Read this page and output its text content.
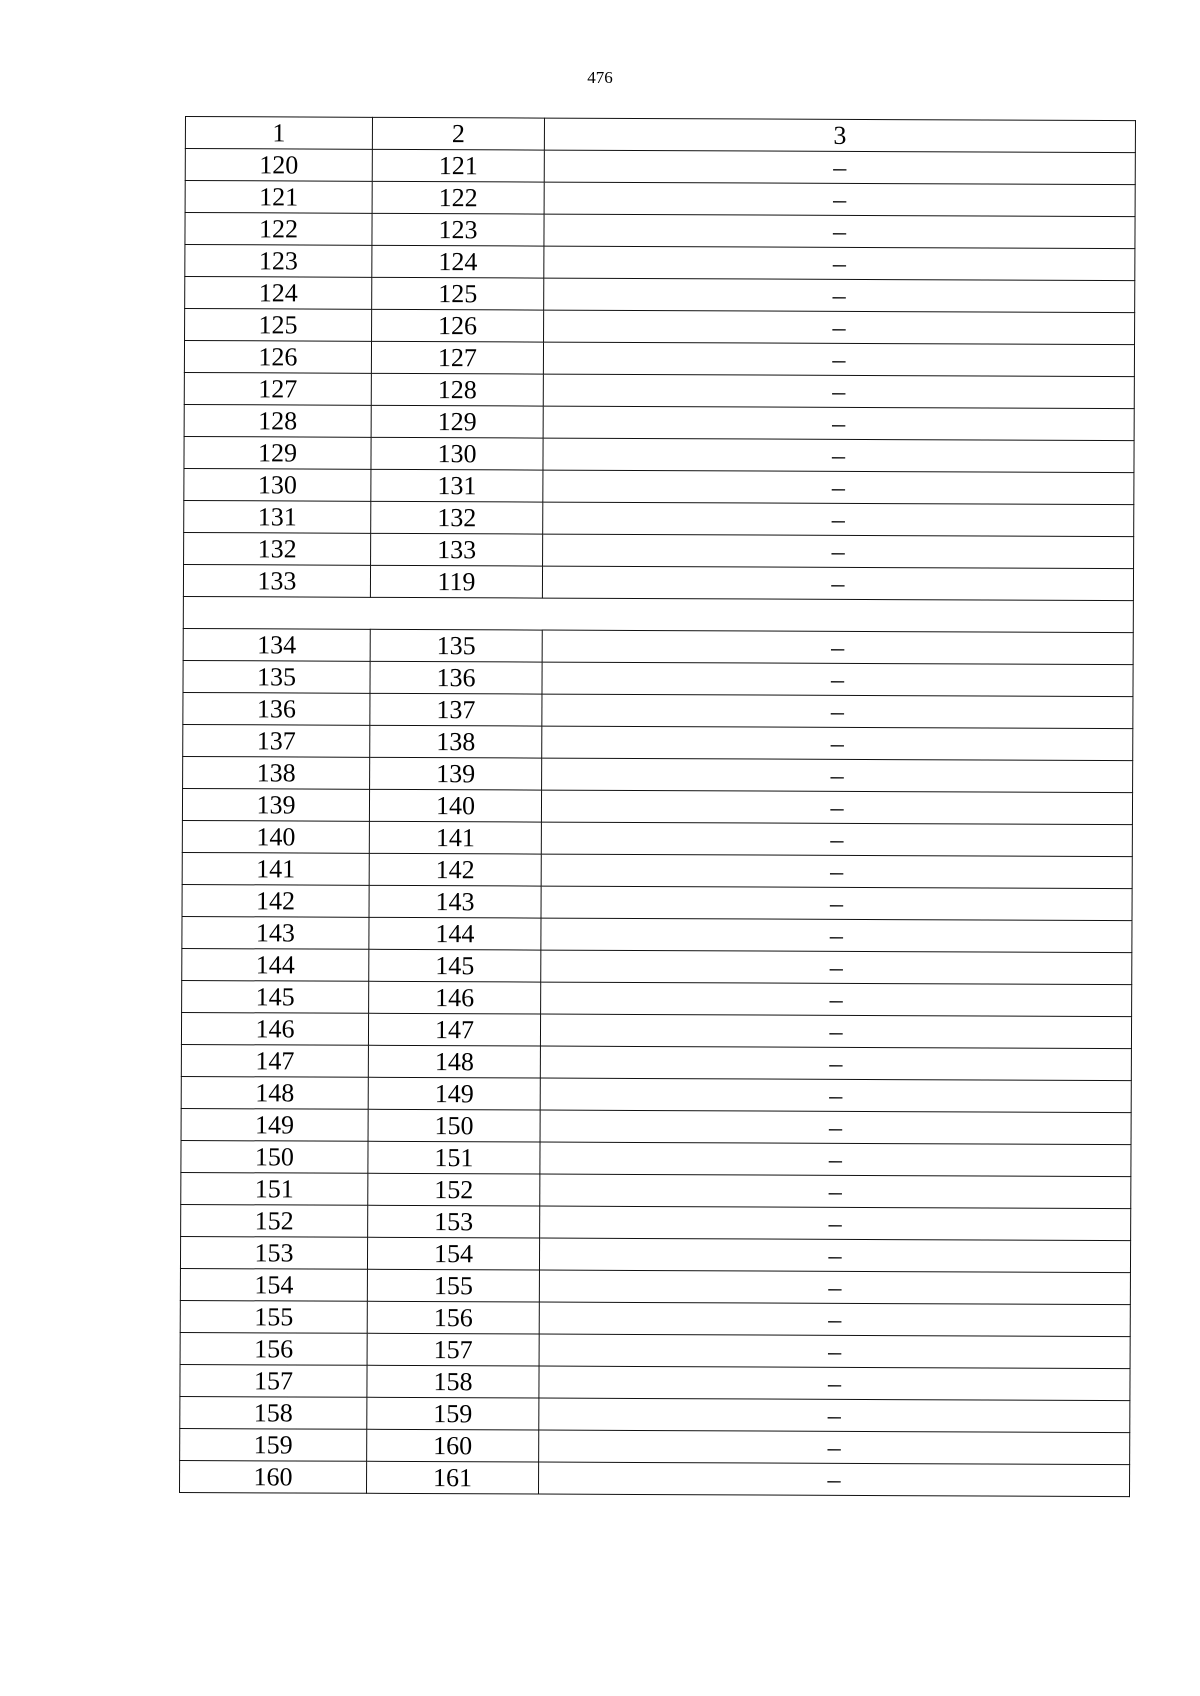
476
1	2	3
120	121	–
121	122	–
122	123	–
123	124	–
124	125	–
125	126	–
126	127	–
127	128	–
128	129	–
129	130	–
130	131	–
131	132	–
132	133	–
133	119	–

134	135	–
135	136	–
136	137	–
137	138	–
138	139	–
139	140	–
140	141	–
141	142	–
142	143	–
143	144	–
144	145	–
145	146	–
146	147	–
147	148	–
148	149	–
149	150	–
150	151	–
151	152	–
152	153	–
153	154	–
154	155	–
155	156	–
156	157	–
157	158	–
158	159	–
159	160	–
160	161	–
